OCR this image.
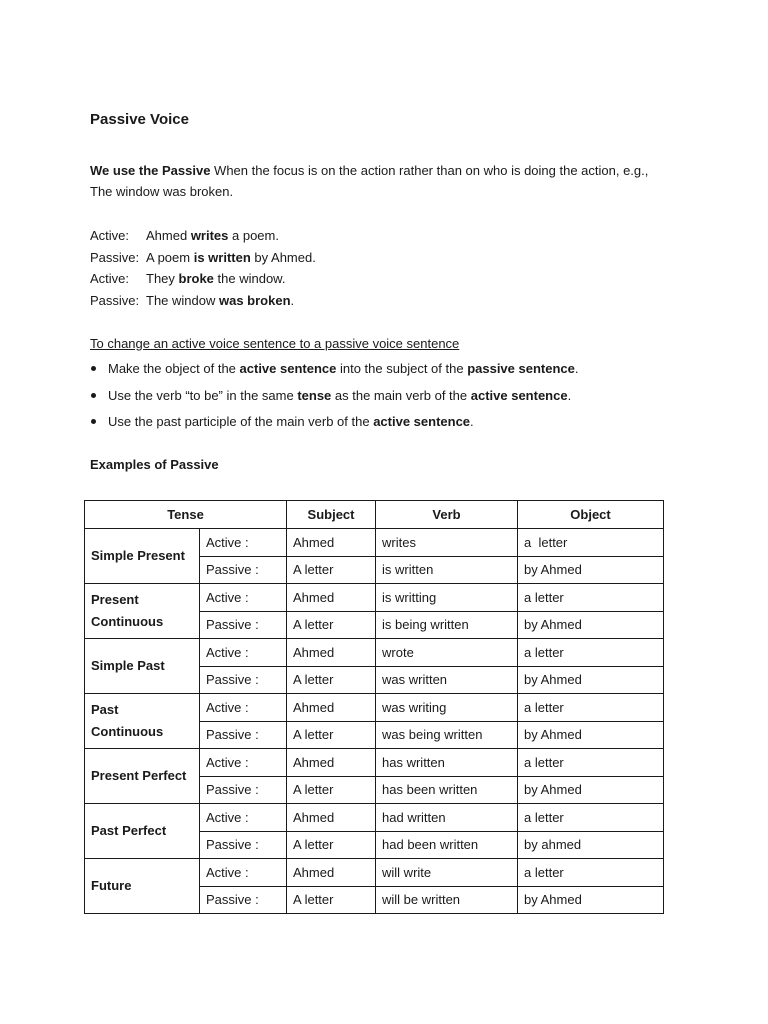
Passive Voice
We use the Passive When the focus is on the action rather than on who is doing the action, e.g., The window was broken.
Active: Ahmed writes a poem.
Passive: A poem is written by Ahmed.
Active: They broke the window.
Passive: The window was broken.
To change an active voice sentence to a passive voice sentence
Make the object of the active sentence into the subject of the passive sentence.
Use the verb “to be” in the same tense as the main verb of the active sentence.
Use the past participle of the main verb of the active sentence.
Examples of Passive
Tense		Subject	Verb	Object
Simple Present	Active :	Ahmed	writes	a  letter
	Passive :	A letter	is written	by Ahmed
Present Continuous	Active :	Ahmed	is writting	a letter
	Passive :	A letter	is being written	by Ahmed
Simple Past	Active :	Ahmed	wrote	a letter
	Passive :	A letter	was written	by Ahmed
Past Continuous	Active :	Ahmed	was writing	a letter
	Passive :	A letter	was being written	by Ahmed
Present Perfect	Active :	Ahmed	has written	a letter
	Passive :	A letter	has been written	by Ahmed
Past Perfect	Active :	Ahmed	had written	a letter
	Passive :	A letter	had been written	by ahmed
Future	Active :	Ahmed	will write	a letter
	Passive :	A letter	will be written	by Ahmed
